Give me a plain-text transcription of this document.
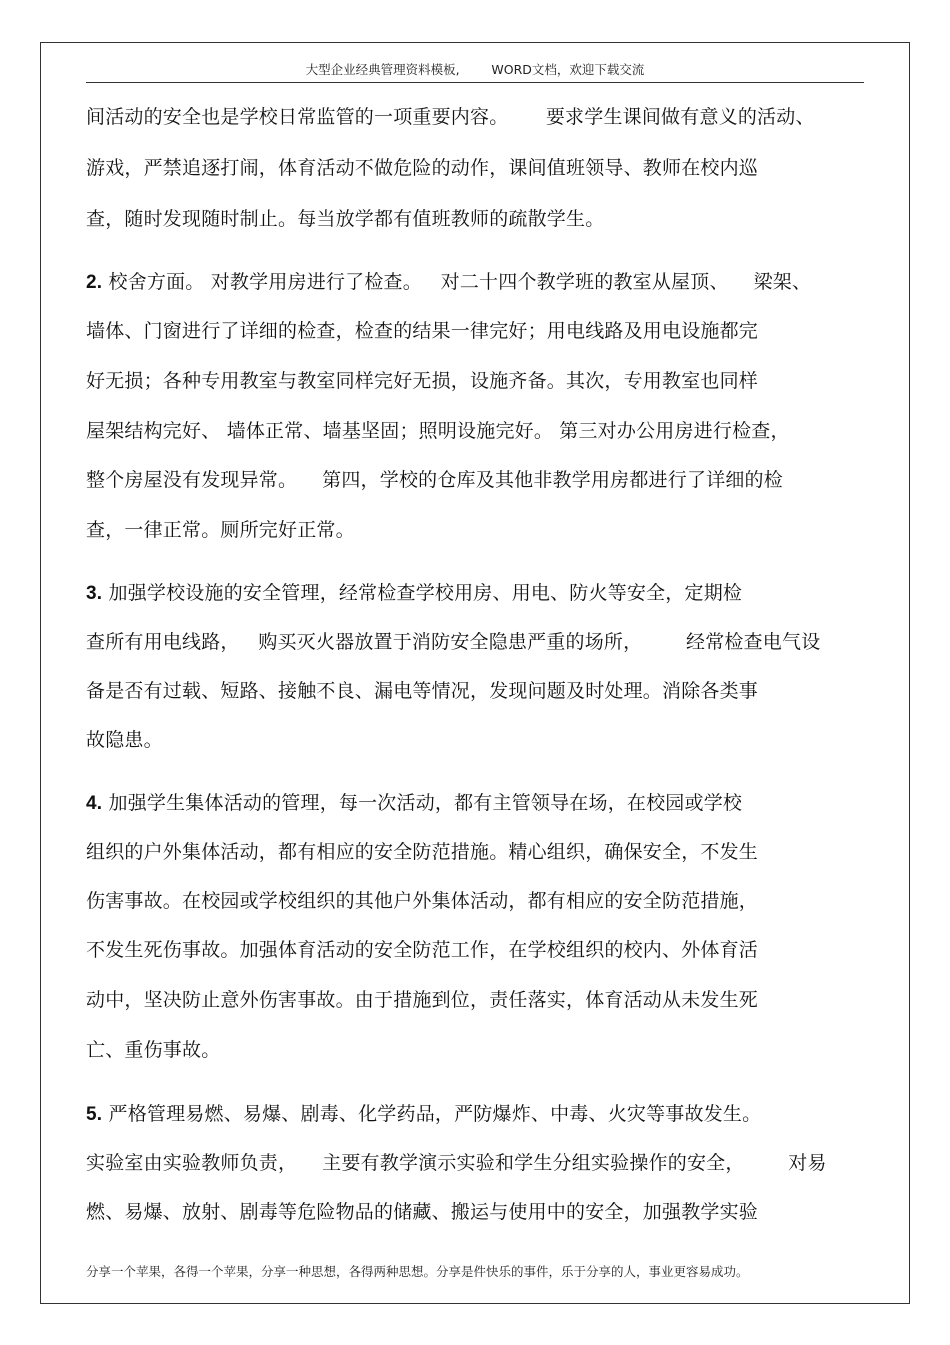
大型企业经典管理资料模板,        WORD文档，欢迎下载交流
间活动的安全也是学校日常监管的一项重要内容。      要求学生课间做有意义的活动、
游戏，严禁追逐打闹，体育活动不做危险的动作，课间值班领导、教师在校内巡
查，随时发现随时制止。每当放学都有值班教师的疏散学生。
2. 校舍方面。 对教学用房进行了检查。   对二十四个教学班的教室从屋顶、    梁架、
墙体、门窗进行了详细的检查，检查的结果一律完好；用电线路及用电设施都完
好无损；各种专用教室与教室同样完好无损，设施齐备。其次，专用教室也同样
屋架结构完好、 墙体正常、墙基坚固；照明设施完好。 第三对办公用房进行检查，
整个房屋没有发现异常。    第四，学校的仓库及其他非教学用房都进行了详细的检
查，一律正常。厕所完好正常。
3. 加强学校设施的安全管理，经常检查学校用房、用电、防火等安全，定期检
查所有用电线路，   购买灭火器放置于消防安全隐患严重的场所，       经常检查电气设
备是否有过载、短路、接触不良、漏电等情况，发现问题及时处理。消除各类事
故隐患。
4. 加强学生集体活动的管理，每一次活动，都有主管领导在场，在校园或学校
组织的户外集体活动，都有相应的安全防范措施。精心组织，确保安全，不发生
伤害事故。在校园或学校组织的其他户外集体活动，都有相应的安全防范措施，
不发生死伤事故。加强体育活动的安全防范工作，在学校组织的校内、外体育活
动中，坚决防止意外伤害事故。由于措施到位，责任落实，体育活动从未发生死
亡、重伤事故。
5. 严格管理易燃、易爆、剧毒、化学药品，严防爆炸、中毒、火灾等事故发生。
实验室由实验教师负责，    主要有教学演示实验和学生分组实验操作的安全，       对易
燃、易爆、放射、剧毒等危险物品的储藏、搬运与使用中的安全，加强教学实验
分享一个苹果，各得一个苹果，分享一种思想，各得两种思想。分享是件快乐的事件，乐于分享的人，事业更容易成功。
